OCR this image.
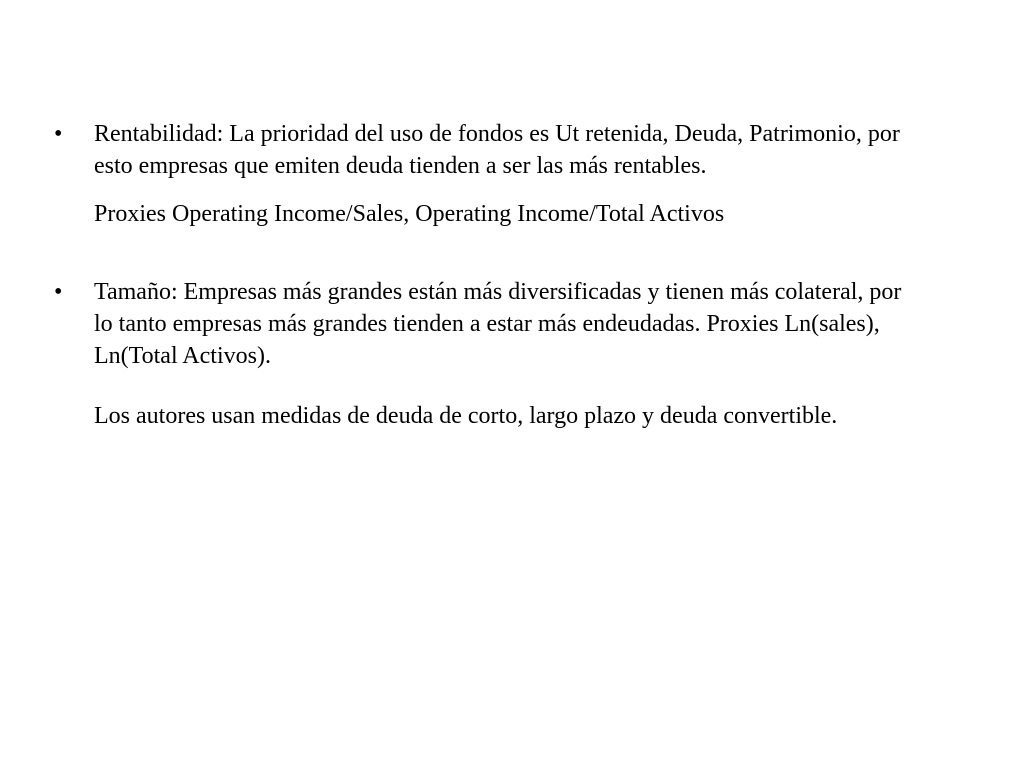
•	Rentabilidad: La prioridad del uso de fondos es Ut retenida, Deuda, Patrimonio, por esto empresas que emiten deuda tienden a ser las más rentables.
Proxies Operating Income/Sales, Operating Income/Total Activos
•	Tamaño: Empresas más grandes están más diversificadas y tienen más colateral, por lo tanto empresas más grandes tienden a estar más endeudadas. Proxies Ln(sales), Ln(Total Activos).
Los autores usan medidas de deuda de corto, largo plazo y deuda convertible.
